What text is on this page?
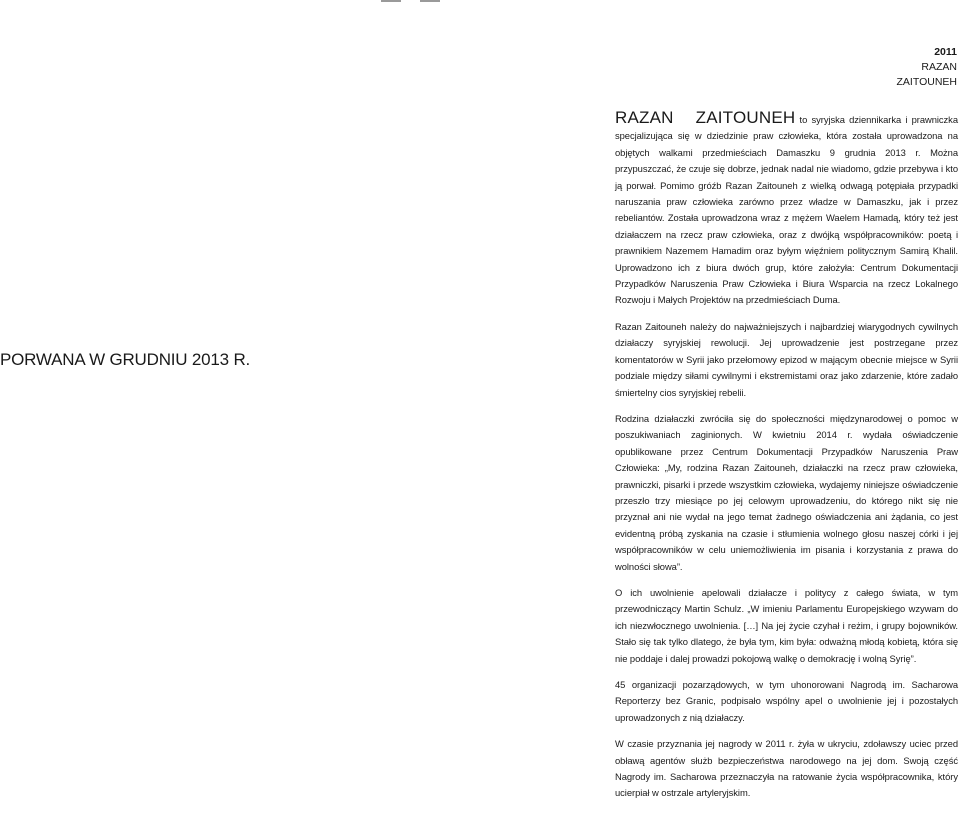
2011
RAZAN
ZAITOUNEH
PORWANA W GRUDNIU 2013 R.

RAZAN ZAITOUNEH to syryjska dziennikarka i prawniczka specjalizująca się w dziedzinie praw człowieka, która została uprowadzona na objętych walkami przedmieściach Damaszku 9 grudnia 2013 r. Można przypuszczać, że czuje się dobrze, jednak nadal nie wiadomo, gdzie przebywa i kto ją porwał. Pomimo gróźb Razan Zaitouneh z wielką odwagą potępiała przypadki naruszania praw człowieka zarówno przez władze w Damaszku, jak i przez rebeliantów. Została uprowadzona wraz z mężem Waelem Hamadą, który też jest działaczem na rzecz praw człowieka, oraz z dwójką współpracowników: poetą i prawnikiem Nazemem Hamadim oraz byłym więźniem politycznym Samirą Khalil. Uprowadzono ich z biura dwóch grup, które założyła: Centrum Dokumentacji Przypadków Naruszenia Praw Człowieka i Biura Wsparcia na rzecz Lokalnego Rozwoju i Małych Projektów na przedmieściach Duma.

Razan Zaitouneh należy do najważniejszych i najbardziej wiarygodnych cywilnych działaczy syryjskiej rewolucji. Jej uprowadzenie jest postrzegane przez komentatorów w Syrii jako przełomowy epizod w mającym obecnie miejsce w Syrii podziale między siłami cywilnymi i ekstremistami oraz jako zdarzenie, które zadało śmiertelny cios syryjskiej rebelii.

Rodzina działaczki zwróciła się do społeczności międzynarodowej o pomoc w poszukiwaniach zaginionych. W kwietniu 2014 r. wydała oświadczenie opublikowane przez Centrum Dokumentacji Przypadków Naruszenia Praw Człowieka: „My, rodzina Razan Zaitouneh, działaczki na rzecz praw człowieka, prawniczki, pisarki i przede wszystkim człowieka, wydajemy niniejsze oświadczenie przeszło trzy miesiące po jej celowym uprowadzeniu, do którego nikt się nie przyznał ani nie wydał na jego temat żadnego oświadczenia ani żądania, co jest evidentną próbą zyskania na czasie i stłumienia wolnego głosu naszej córki i jej współpracowników w celu uniemożliwienia im pisania i korzystania z prawa do wolności słowa”.

O ich uwolnienie apelowali działacze i politycy z całego świata, w tym przewodniczący Martin Schulz. „W imieniu Parlamentu Europejskiego wzywam do ich niezwłocznego uwolnienia. […] Na jej życie czyhał i reżim, i grupy bojowników. Stało się tak tylko dlatego, że była tym, kim była: odważną młodą kobietą, która się nie poddaje i dalej prowadzi pokojową walkę o demokrację i wolną Syrię”.

45 organizacji pozarządowych, w tym uhonorowani Nagrodą im. Sacharowa Reporterzy bez Granic, podpisało wspólny apel o uwolnienie jej i pozostałych uprowadzonych z nią działaczy.

W czasie przyznania jej nagrody w 2011 r. żyła w ukryciu, zdoławszy uciec przed obławą agentów służb bezpieczeństwa narodowego na jej dom. Swoją część Nagrody im. Sacharowa przeznaczyła na ratowanie życia współpracownika, który ucierpiał w ostrzale artyleryjskim.
